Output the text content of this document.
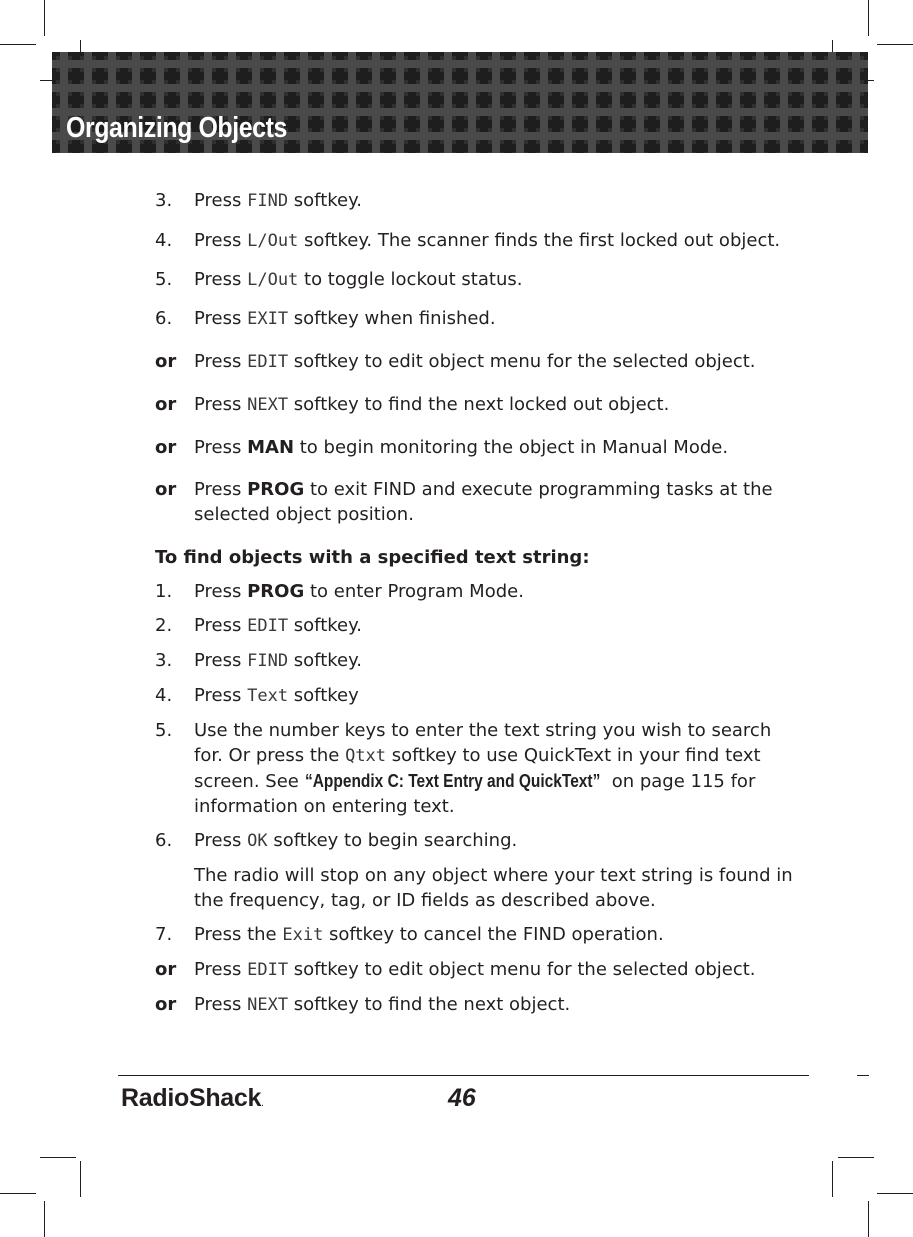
Organizing Objects
3. Press FIND softkey.
4. Press L/Out softkey. The scanner finds the first locked out object.
5. Press L/Out to toggle lockout status.
6. Press EXIT softkey when finished.
or Press EDIT softkey to edit object menu for the selected object.
or Press NEXT softkey to find the next locked out object.
or Press MAN to begin monitoring the object in Manual Mode.
or Press PROG to exit FIND and execute programming tasks at the selected object position.
To find objects with a specified text string:
1. Press PROG to enter Program Mode.
2. Press EDIT softkey.
3. Press FIND softkey.
4. Press Text softkey
5. Use the number keys to enter the text string you wish to search for. Or press the Qtxt softkey to use QuickText in your find text screen. See “Appendix C: Text Entry and QuickText” on page 115 for information on entering text.
6. Press OK softkey to begin searching.
The radio will stop on any object where your text string is found in the frequency, tag, or ID fields as described above.
7. Press the Exit softkey to cancel the FIND operation.
or Press EDIT softkey to edit object menu for the selected object.
or Press NEXT softkey to find the next object.
RadioShack.	46
